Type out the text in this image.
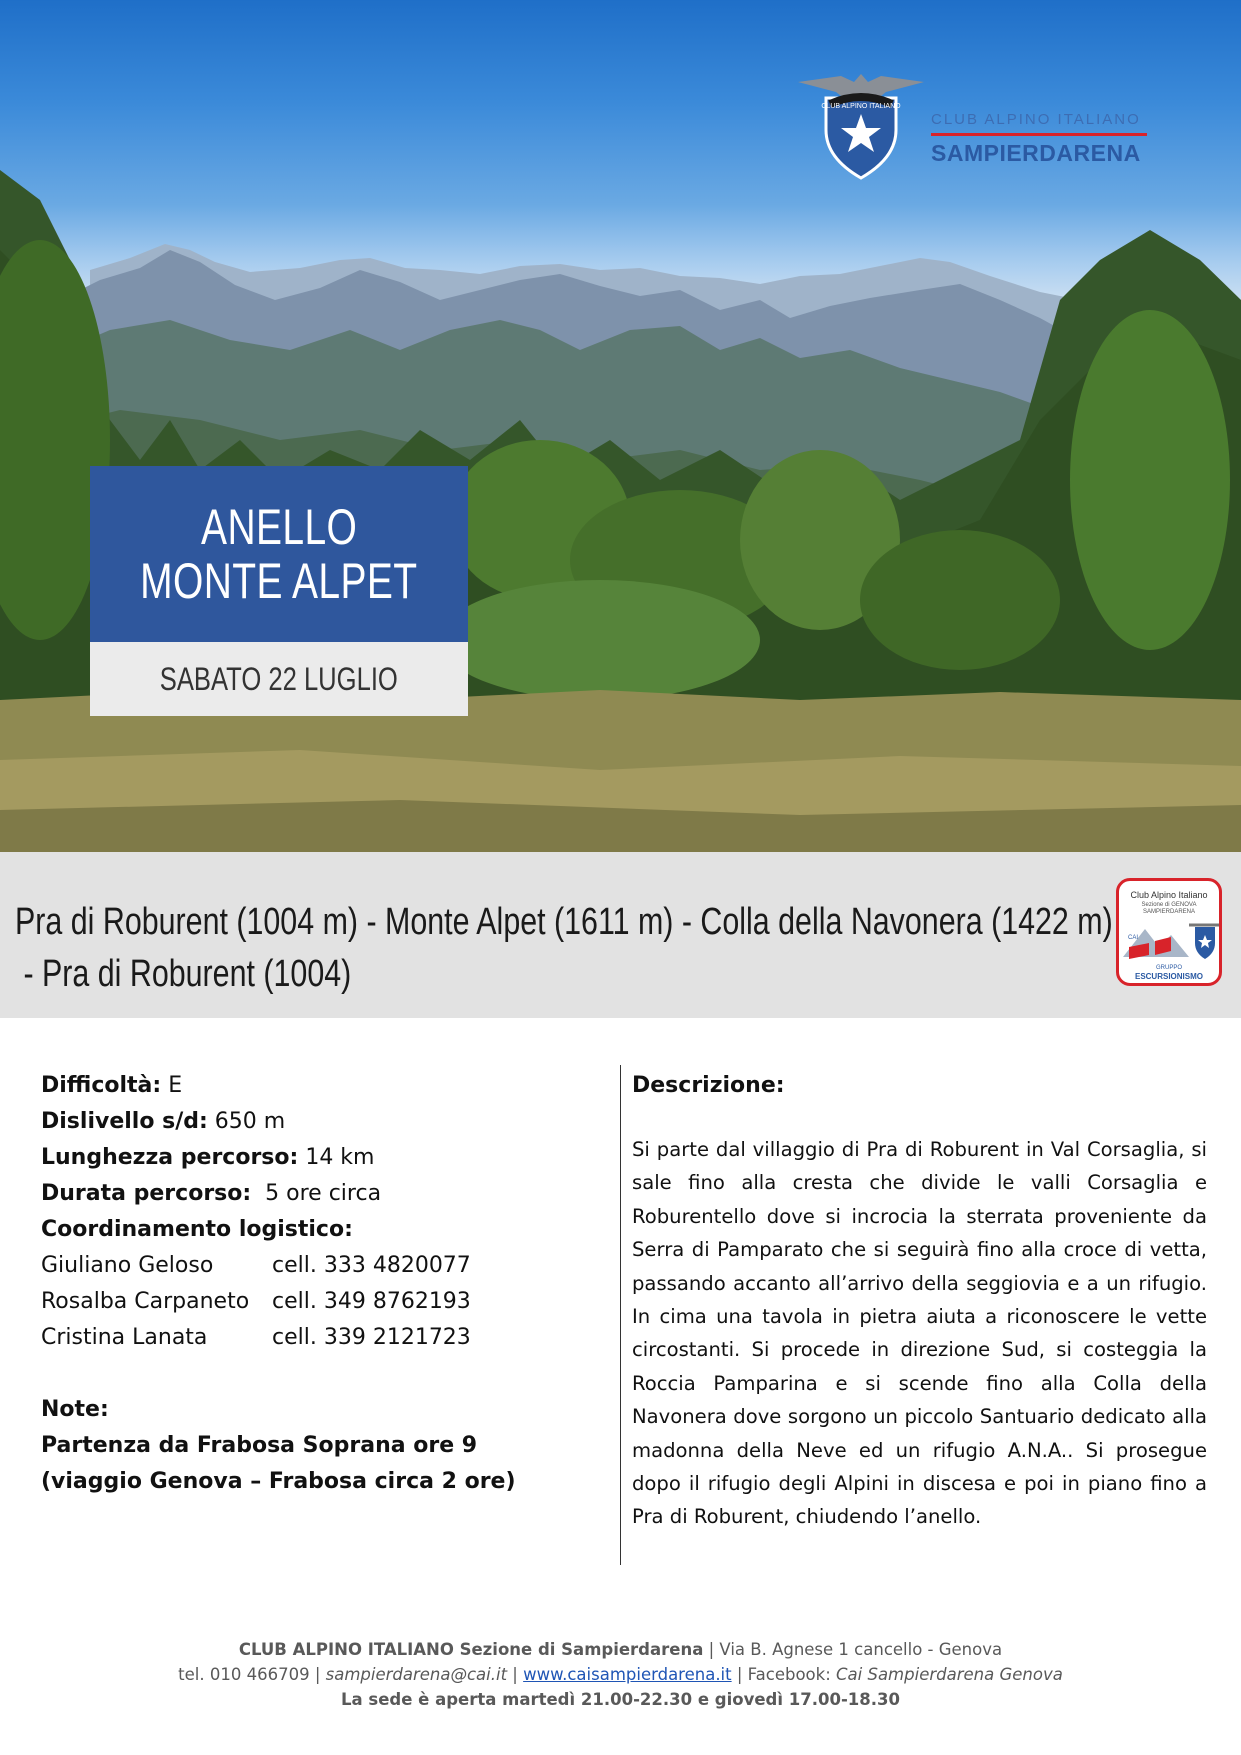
CLUB ALPINO ITALIANO
CLUB ALPINO ITALIANO
SAMPIERDARENA
ANELLO
MONTE ALPET
SABATO 22 LUGLIO
Pra di Roburent (1004 m) - Monte Alpet (1611 m) - Colla della Navonera (1422 m)
- Pra di Roburent (1004)
Club Alpino Italiano
Sezione di GENOVA
SAMPIERDARENA
CAI
GRUPPO
ESCURSIONISMO
Difficoltà: E
Dislivello s/d: 650 m
Lunghezza percorso: 14 km
Durata percorso:  5 ore circa
Coordinamento logistico:
Giuliano Geloso	cell. 333 4820077
Rosalba Carpaneto	cell. 349 8762193
Cristina Lanata	cell. 339 2121723
Note:
Partenza da Frabosa Soprana ore 9
(viaggio Genova – Frabosa circa 2 ore)
Descrizione:
Si parte dal villaggio di Pra di Roburent in Val Corsaglia, si sale fino alla cresta che divide le valli Corsaglia e Roburentello dove si incrocia la sterrata proveniente da Serra di Pamparato che si seguirà fino alla croce di vetta, passando accanto all’arrivo della seggiovia e a un rifugio. In cima una tavola in pietra aiuta a riconoscere le vette circostanti. Si procede in direzione Sud, si costeggia la Roccia Pamparina e si scende fino alla Colla della Navonera dove sorgono un piccolo Santuario dedicato alla madonna della Neve ed un rifugio A.N.A.. Si prosegue dopo il rifugio degli Alpini in discesa e poi in piano fino a Pra di Roburent, chiudendo l’anello.
CLUB ALPINO ITALIANO Sezione di Sampierdarena | Via B. Agnese 1 cancello - Genova
tel. 010 466709 | sampierdarena@cai.it | www.caisampierdarena.it | Facebook: Cai Sampierdarena Genova
La sede è aperta martedì 21.00-22.30 e giovedì 17.00-18.30
